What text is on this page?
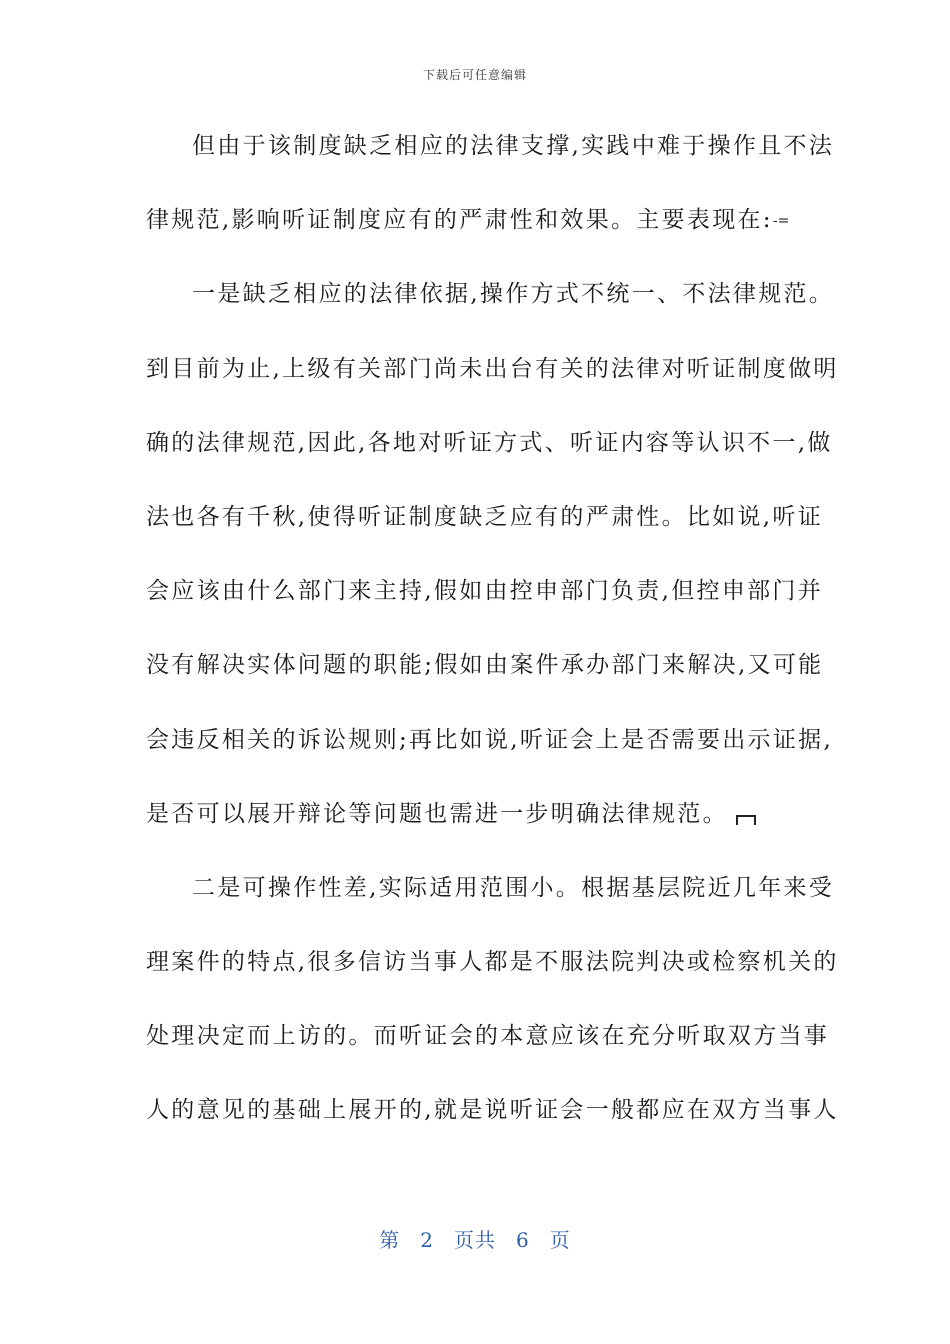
下载后可任意编辑
但由于该制度缺乏相应的法律支撑,实践中难于操作且不法
律规范,影响听证制度应有的严肃性和效果。主要表现在:-=
一是缺乏相应的法律依据,操作方式不统一、不法律规范。
到目前为止,上级有关部门尚未出台有关的法律对听证制度做明
确的法律规范,因此,各地对听证方式、听证内容等认识不一,做
法也各有千秋,使得听证制度缺乏应有的严肃性。比如说,听证
会应该由什么部门来主持,假如由控申部门负责,但控申部门并
没有解决实体问题的职能;假如由案件承办部门来解决,又可能
会违反相关的诉讼规则;再比如说,听证会上是否需要出示证据,
是否可以展开辩论等问题也需进一步明确法律规范。
二是可操作性差,实际适用范围小。根据基层院近几年来受
理案件的特点,很多信访当事人都是不服法院判决或检察机关的
处理决定而上访的。而听证会的本意应该在充分听取双方当事
人的意见的基础上展开的,就是说听证会一般都应在双方当事人
第 2 页共 6 页
